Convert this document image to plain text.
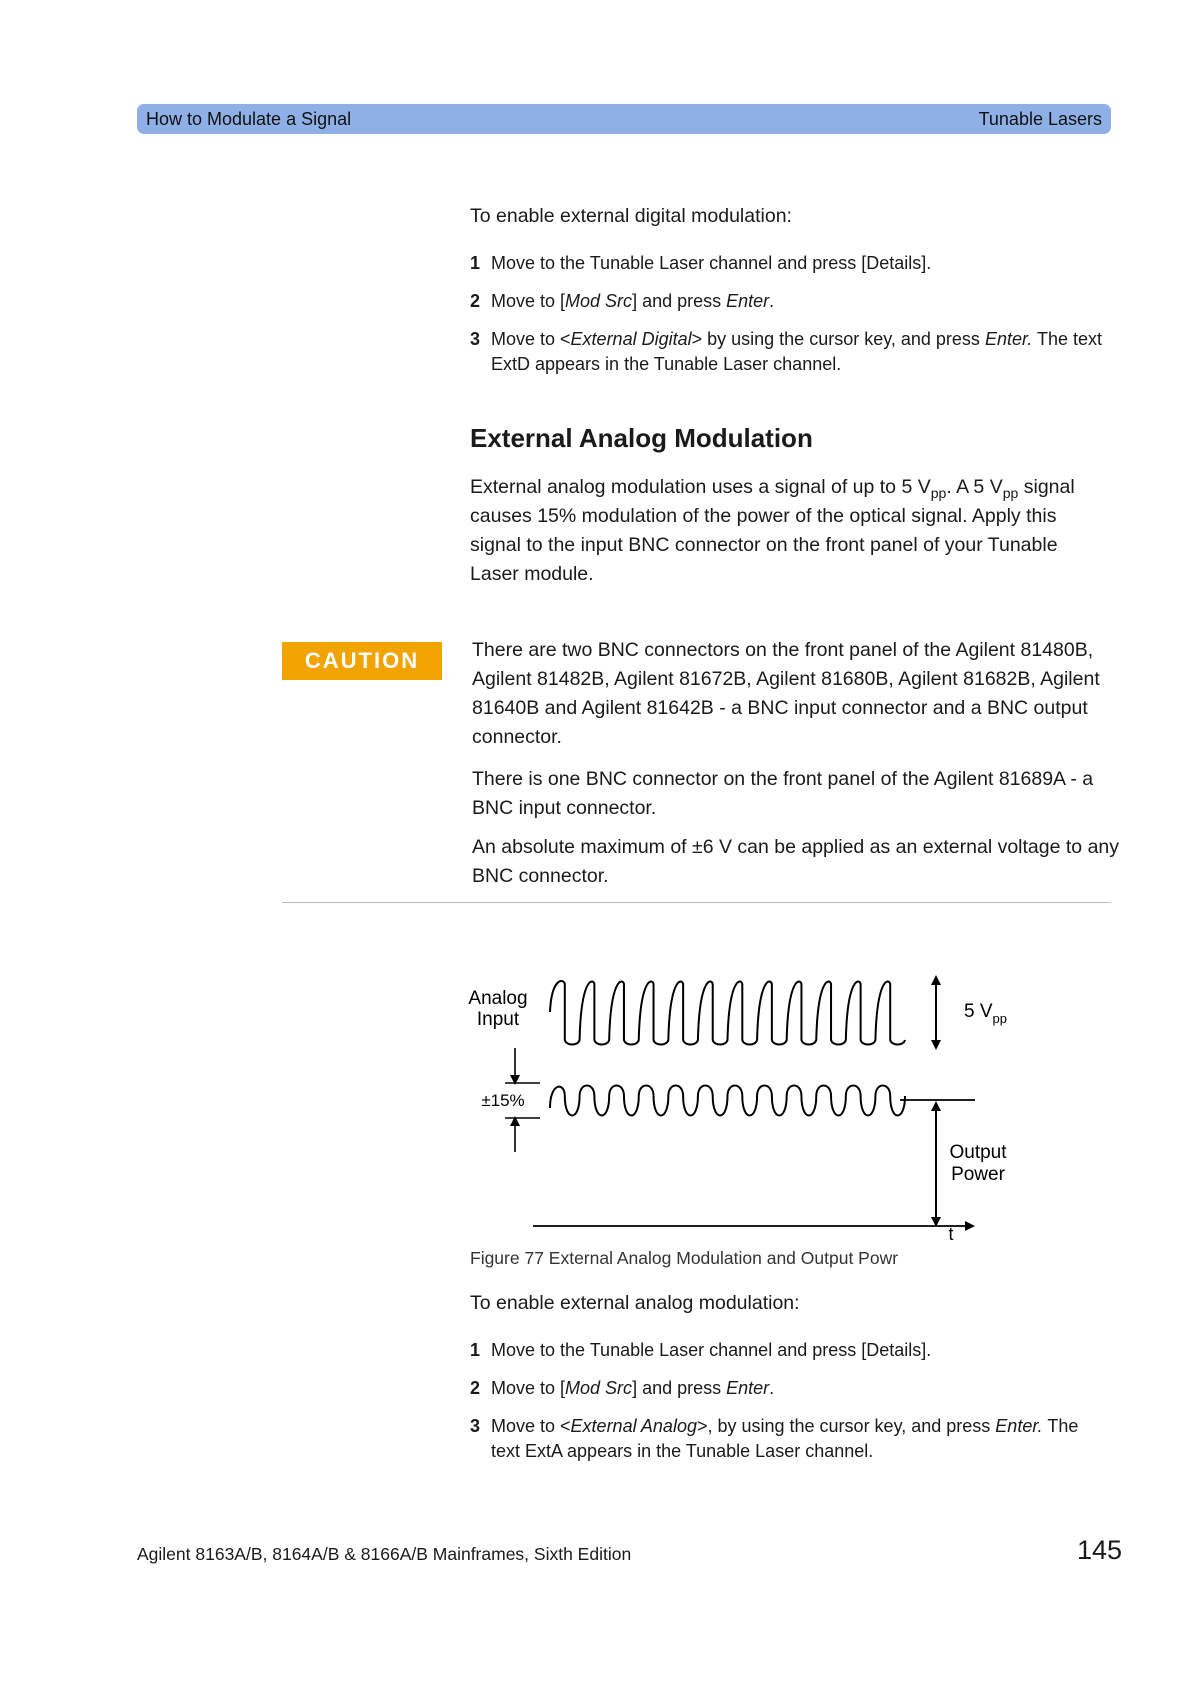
How to Modulate a Signal	Tunable Lasers
To enable external digital modulation:
1 Move to the Tunable Laser channel and press [Details].
2 Move to [Mod Src] and press Enter.
3 Move to <External Digital> by using the cursor key, and press Enter. The text ExtD appears in the Tunable Laser channel.
External Analog Modulation
External analog modulation uses a signal of up to 5 $V_{pp}$. A 5 $V_{pp}$ signal causes 15% modulation of the power of the optical signal. Apply this signal to the input BNC connector on the front panel of your Tunable Laser module.
CAUTION	There are two BNC connectors on the front panel of the Agilent 81480B, Agilent 81482B, Agilent 81672B, Agilent 81680B, Agilent 81682B, Agilent 81640B and Agilent 81642B - a BNC input connector and a BNC output connector.
There is one BNC connector on the front panel of the Agilent 81689A - a BNC input connector.
An absolute maximum of ±6 V can be applied as an external voltage to any BNC connector.
Analog
Input	5 $V_{pp}$
±15%
Output
Power
t
Figure 77 External Analog Modulation and Output Powr
To enable external analog modulation:
1 Move to the Tunable Laser channel and press [Details].
2 Move to [Mod Src] and press Enter.
3 Move to <External Analog>, by using the cursor key, and press Enter. The text ExtA appears in the Tunable Laser channel.
Agilent 8163A/B, 8164A/B & 8166A/B Mainframes, Sixth Edition	145
